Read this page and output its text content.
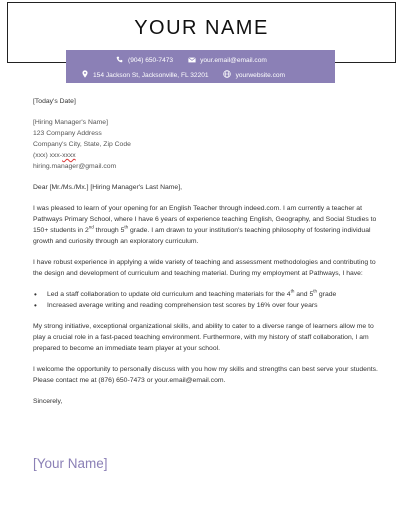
YOUR NAME
(904) 650-7473	your.email@email.com
154 Jackson St, Jacksonville, FL 32201	yourwebsite.com

[Today's Date]

[Hiring Manager's Name]

123 Company Address

Company's City, State, Zip Code

(xxx) xxx-xxxx

hiring.manager@gmail.com

Dear [Mr./Ms./Mx.] [Hiring Manager's Last Name],

I was pleased to learn of your opening for an English Teacher through indeed.com. I am currently a teacher at Pathways Primary School, where I have 6 years of experience teaching English, Geography, and Social Studies to 150+ students in 2nd through 5th grade. I am drawn to your institution's teaching philosophy of fostering individual growth and curiosity through an exploratory curriculum.

I have robust experience in applying a wide variety of teaching and assessment methodologies and contributing to the design and development of curriculum and teaching material. During my employment at Pathways, I have:

• Led a staff collaboration to update old curriculum and teaching materials for the 4th and 5th grade
• Increased average writing and reading comprehension test scores by 16% over four years

My strong initiative, exceptional organizational skills, and ability to cater to a diverse range of learners allow me to play a crucial role in a fast-paced teaching environment. Furthermore, with my history of staff collaboration, I am prepared to become an immediate team player at your school.

I welcome the opportunity to personally discuss with you how my skills and strengths can best serve your students. Please contact me at (876) 650-7473 or your.email@email.com.

Sincerely,

[Your Name]
